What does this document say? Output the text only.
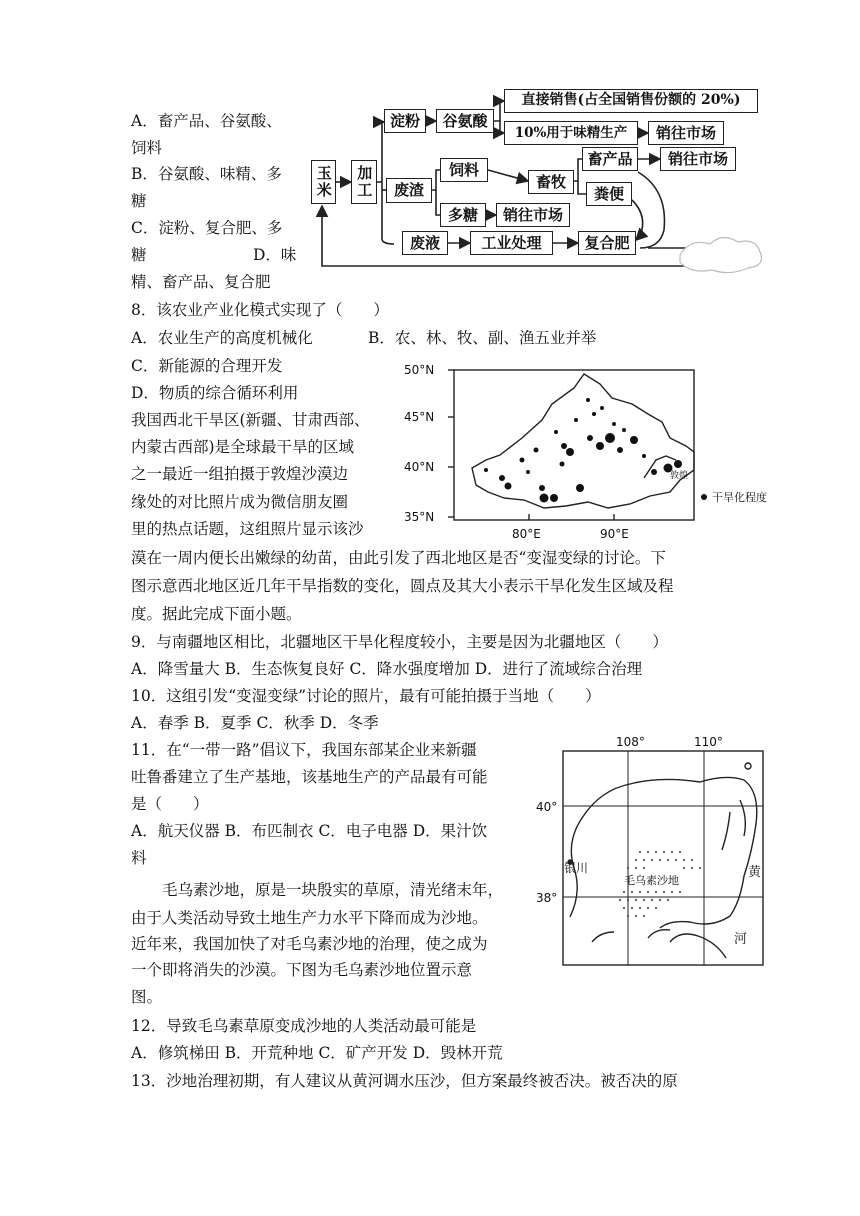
A．畜产品、谷氨酸、
饲料
B．谷氨酸、味精、多
糖
C．淀粉、复合肥、多
糖	D．味
精、畜产品、复合肥
玉米 加工
淀粉	谷氨酸
直接销售(占全国销售份额的 20%)
10%用于味精生产	销往市场
废渣
饲料
畜牧
畜产品	销往市场
粪便
多糖	销往市场
废液	工业处理	复合肥
8．该农业产业化模式实现了（　　）
A．农业生产的高度机械化	B．农、林、牧、副、渔五业并举
C．新能源的合理开发
D．物质的综合循环利用
我国西北干旱区(新疆、甘肃西部、
内蒙古西部)是全球最干旱的区域
之一最近一组拍摄于敦煌沙漠边
缘处的对比照片成为微信朋友圈
里的热点话题，这组照片显示该沙
漠在一周内便长出嫩绿的幼苗，由此引发了西北地区是否“变湿变绿的讨论。下
图示意西北地区近几年干旱指数的变化，圆点及其大小表示干旱化发生区域及程
度。据此完成下面小题。
50°N
45°N
40°N
35°N
80°E	90°E
敦煌
干旱化程度
9．与南疆地区相比，北疆地区干旱化程度较小，主要是因为北疆地区（　　）
A．降雪量大 B．生态恢复良好 C．降水强度增加 D．进行了流域综合治理
10．这组引发“变湿变绿”讨论的照片，最有可能拍摄于当地（　　）
A．春季 B．夏季 C．秋季 D．冬季
11．在“一带一路”倡议下，我国东部某企业来新疆
吐鲁番建立了生产基地，该基地生产的产品最有可能
是（　　）
A．航天仪器 B．布匹制衣 C．电子电器 D．果汁饮
料
毛乌素沙地，原是一块殷实的草原，清光绪末年，
由于人类活动导致土地生产力水平下降而成为沙地。
近年来，我国加快了对毛乌素沙地的治理，使之成为
一个即将消失的沙漠。下图为毛乌素沙地位置示意
图。
108°	110°
40°
38°
银川
毛乌素沙地
黄
河
12．导致毛乌素草原变成沙地的人类活动最可能是
A．修筑梯田 B．开荒种地 C．矿产开发 D．毁林开荒
13．沙地治理初期，有人建议从黄河调水压沙，但方案最终被否决。被否决的原
